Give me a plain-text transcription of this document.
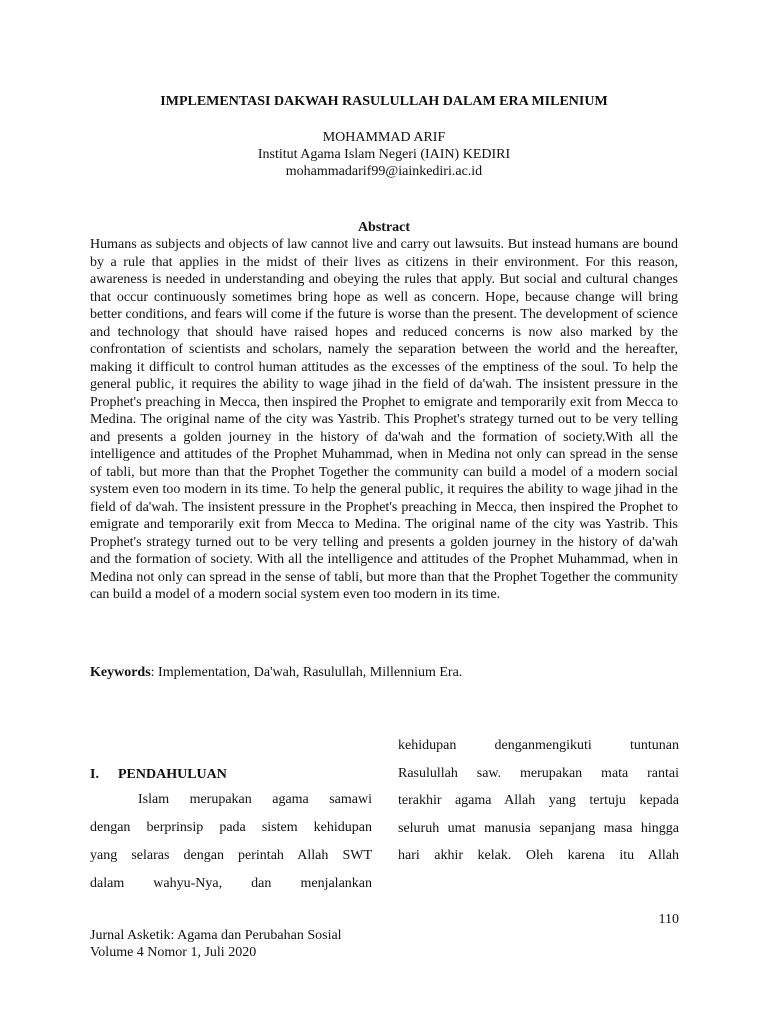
IMPLEMENTASI DAKWAH RASULULLAH DALAM ERA MILENIUM
MOHAMMAD ARIF
Institut Agama Islam Negeri (IAIN) KEDIRI
mohammadarif99@iainkediri.ac.id
Abstract

Humans as subjects and objects of law cannot live and carry out lawsuits. But instead humans are bound by a rule that applies in the midst of their lives as citizens in their environment. For this reason, awareness is needed in understanding and obeying the rules that apply. But social and cultural changes that occur continuously sometimes bring hope as well as concern. Hope, because change will bring better conditions, and fears will come if the future is worse than the present. The development of science and technology that should have raised hopes and reduced concerns is now also marked by the confrontation of scientists and scholars, namely the separation between the world and the hereafter, making it difficult to control human attitudes as the excesses of the emptiness of the soul. To help the general public, it requires the ability to wage jihad in the field of da'wah. The insistent pressure in the Prophet's preaching in Mecca, then inspired the Prophet to emigrate and temporarily exit from Mecca to Medina. The original name of the city was Yastrib. This Prophet's strategy turned out to be very telling and presents a golden journey in the history of da'wah and the formation of society.With all the intelligence and attitudes of the Prophet Muhammad, when in Medina not only can spread in the sense of tabli, but more than that the Prophet Together the community can build a model of a modern social system even too modern in its time. To help the general public, it requires the ability to wage jihad in the field of da'wah. The insistent pressure in the Prophet's preaching in Mecca, then inspired the Prophet to emigrate and temporarily exit from Mecca to Medina. The original name of the city was Yastrib. This Prophet's strategy turned out to be very telling and presents a golden journey in the history of da'wah and the formation of society. With all the intelligence and attitudes of the Prophet Muhammad, when in Medina not only can spread in the sense of tabli, but more than that the Prophet Together the community can build a model of a modern social system even too modern in its time.

Keywords: Implementation, Da'wah, Rasulullah, Millennium Era.
I.	PENDAHULUAN

Islam merupakan agama samawi

dengan berprinsip pada sistem kehidupan

yang selaras dengan perintah Allah SWT

dalam wahyu-Nya, dan menjalankan

kehidupan denganmengikuti tuntunan

Rasulullah saw. merupakan mata rantai

terakhir agama Allah yang tertuju kepada

seluruh umat manusia sepanjang masa hingga

hari akhir kelak. Oleh karena itu Allah

110
Jurnal Asketik: Agama dan Perubahan Sosial
Volume 4 Nomor 1, Juli 2020
